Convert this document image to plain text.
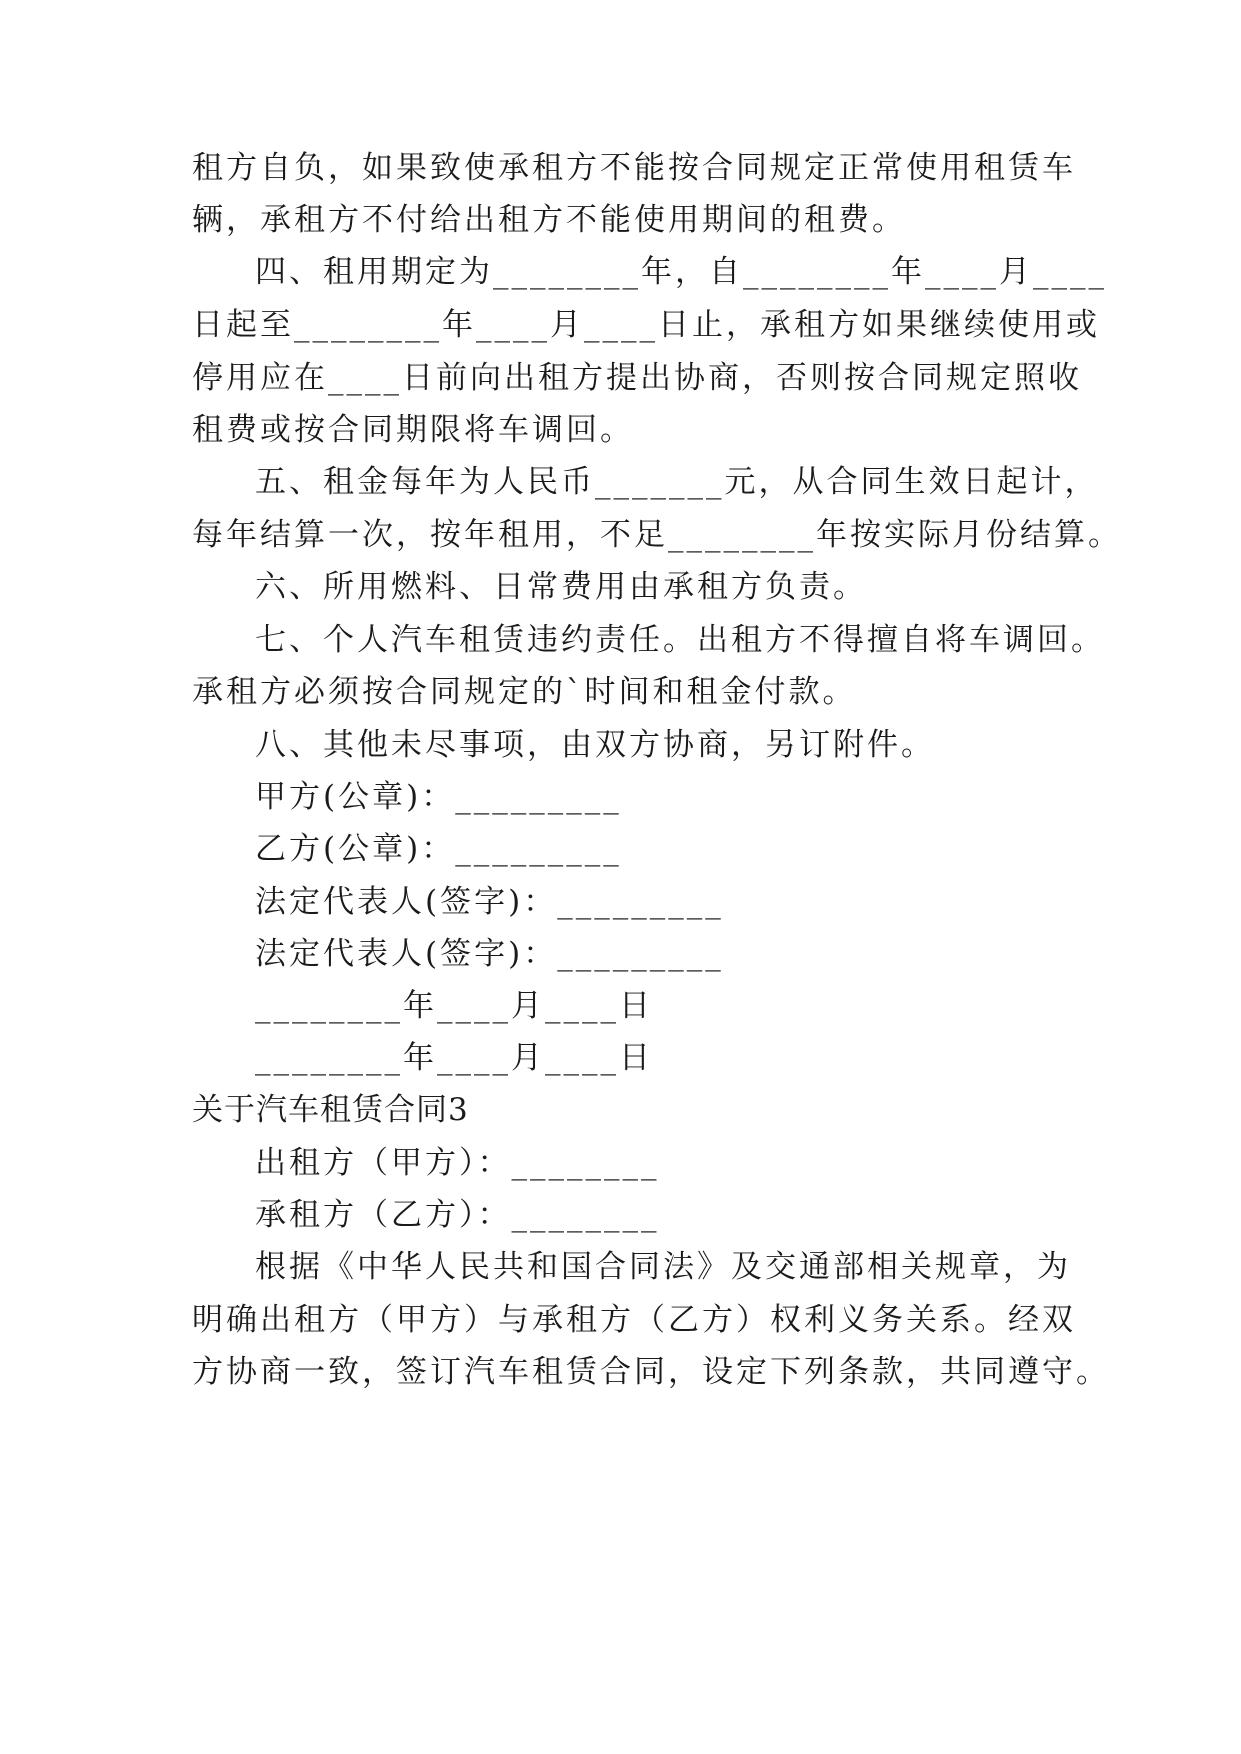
租方自负，如果致使承租方不能按合同规定正常使用租赁车
辆，承租方不付给出租方不能使用期间的租费。
四、租用期定为________年，自________年____月____
日起至________年____月____日止，承租方如果继续使用或
停用应在____日前向出租方提出协商，否则按合同规定照收
租费或按合同期限将车调回。
五、租金每年为人民币_______元，从合同生效日起计，
每年结算一次，按年租用，不足________年按实际月份结算。
六、所用燃料、日常费用由承租方负责。
七、个人汽车租赁违约责任。出租方不得擅自将车调回。
承租方必须按合同规定的`时间和租金付款。
八、其他未尽事项，由双方协商，另订附件。
甲方(公章)：_________
乙方(公章)：_________
法定代表人(签字)：_________
法定代表人(签字)：_________
________年____月____日
________年____月____日
关于汽车租赁合同3
出租方（甲方）：________
承租方（乙方）：________
根据《中华人民共和国合同法》及交通部相关规章，为
明确出租方（甲方）与承租方（乙方）权利义务关系。经双
方协商一致，签订汽车租赁合同，设定下列条款，共同遵守。
